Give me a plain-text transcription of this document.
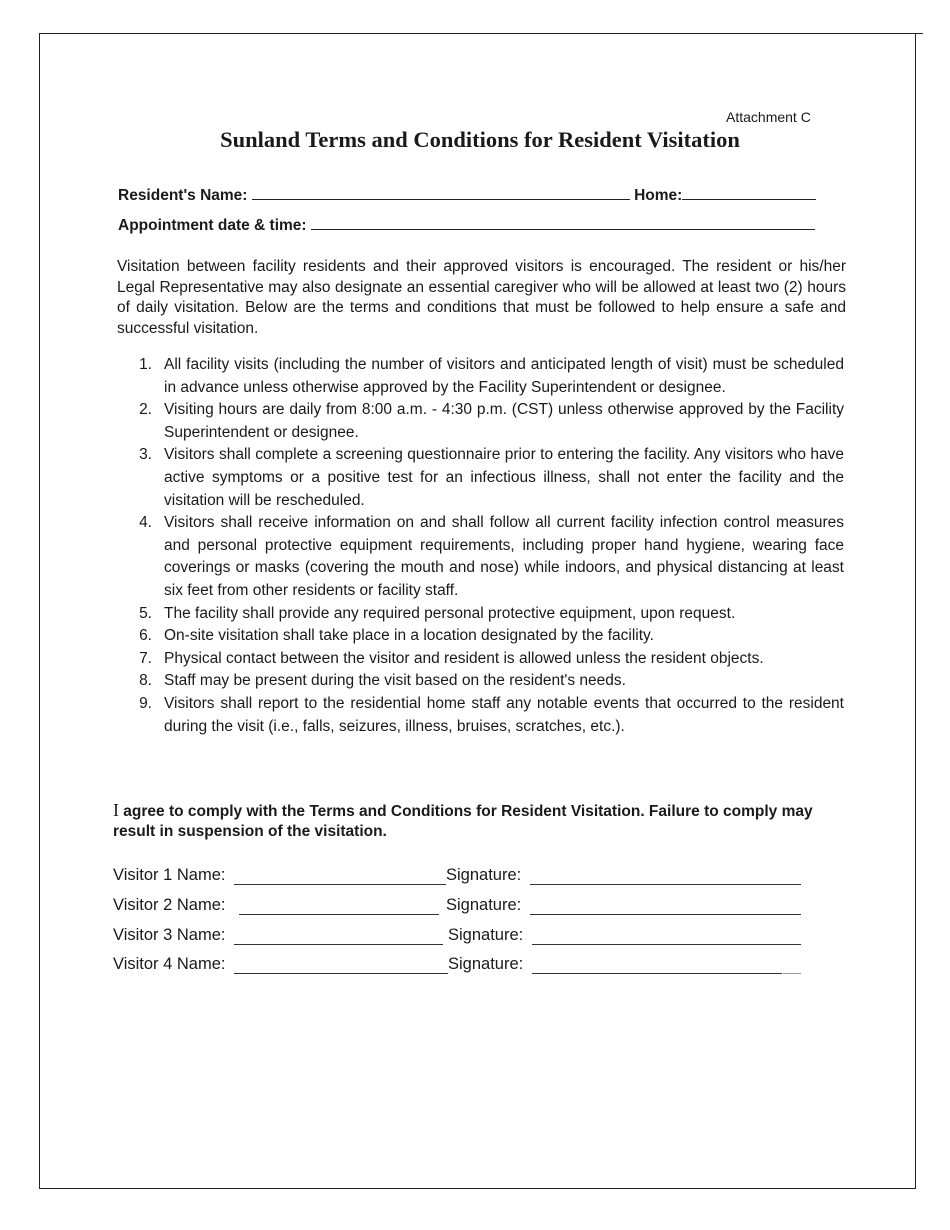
Attachment C
Sunland Terms and Conditions for Resident Visitation
Resident's Name:	Home:
Appointment date & time:
Visitation between facility residents and their approved visitors is encouraged. The resident or his/her Legal Representative may also designate an essential caregiver who will be allowed at least two (2) hours of daily visitation. Below are the terms and conditions that must be followed to help ensure a safe and successful visitation.
1. All facility visits (including the number of visitors and anticipated length of visit) must be scheduled in advance unless otherwise approved by the Facility Superintendent or designee.
2. Visiting hours are daily from 8:00 a.m. - 4:30 p.m. (CST) unless otherwise approved by the Facility Superintendent or designee.
3. Visitors shall complete a screening questionnaire prior to entering the facility. Any visitors who have active symptoms or a positive test for an infectious illness, shall not enter the facility and the visitation will be rescheduled.
4. Visitors shall receive information on and shall follow all current facility infection control measures and personal protective equipment requirements, including proper hand hygiene, wearing face coverings or masks (covering the mouth and nose) while indoors, and physical distancing at least six feet from other residents or facility staff.
5. The facility shall provide any required personal protective equipment, upon request.
6. On-site visitation shall take place in a location designated by the facility.
7. Physical contact between the visitor and resident is allowed unless the resident objects.
8. Staff may be present during the visit based on the resident's needs.
9. Visitors shall report to the residential home staff any notable events that occurred to the resident during the visit (i.e., falls, seizures, illness, bruises, scratches, etc.).
I agree to comply with the Terms and Conditions for Resident Visitation. Failure to comply may result in suspension of the visitation.
Visitor 1 Name:	Signature:
Visitor 2 Name:	Signature:
Visitor 3 Name:	Signature:
Visitor 4 Name:	Signature:
